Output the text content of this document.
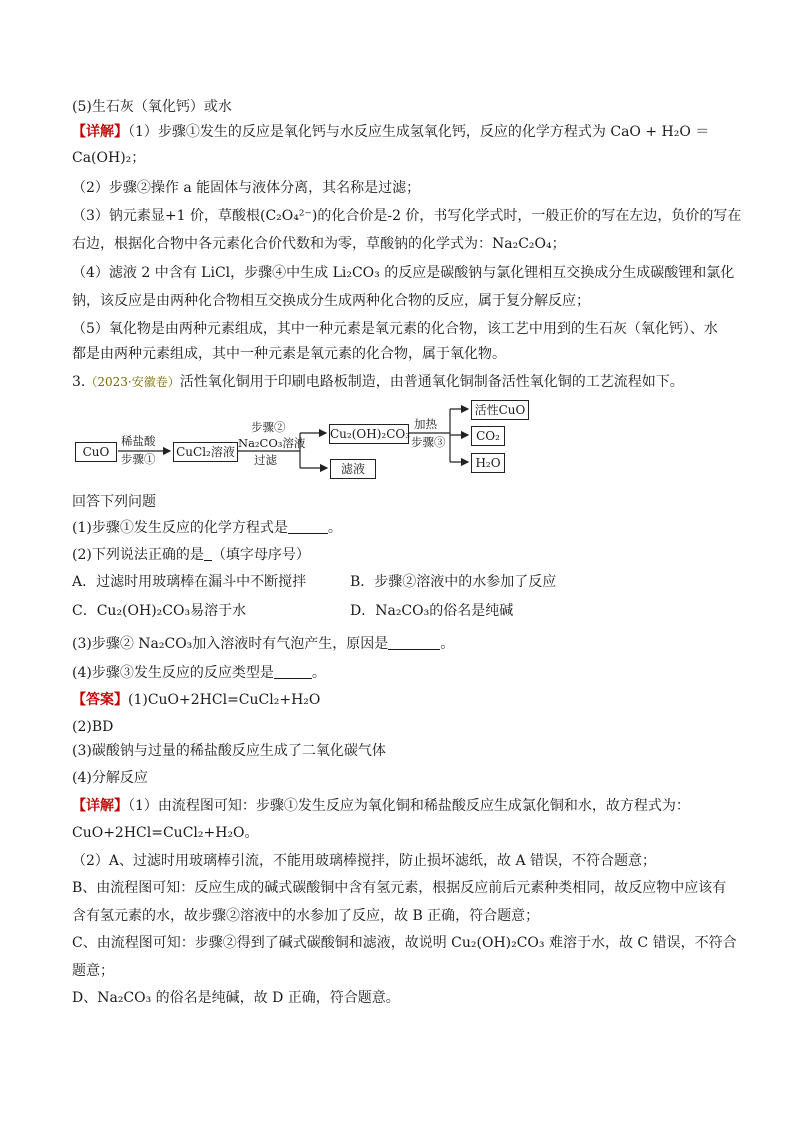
(5)生石灰（氧化钙）或水
【详解】（1）步骤①发生的反应是氧化钙与水反应生成氢氧化钙，反应的化学方程式为 CaO + H₂O ＝
Ca(OH)₂；
（2）步骤②操作 a 能固体与液体分离，其名称是过滤；
（3）钠元素显+1 价，草酸根(C₂O₄²⁻)的化合价是-2 价，书写化学式时，一般正价的写在左边，负价的写在
右边，根据化合物中各元素化合价代数和为零，草酸钠的化学式为：Na₂C₂O₄；
（4）滤液 2 中含有 LiCl，步骤④中生成 Li₂CO₃ 的反应是碳酸钠与氯化锂相互交换成分生成碳酸锂和氯化
钠，该反应是由两种化合物相互交换成分生成两种化合物的反应，属于复分解反应；
（5）氧化物是由两种元素组成，其中一种元素是氧元素的化合物，该工艺中用到的生石灰（氧化钙）、水
都是由两种元素组成，其中一种元素是氧元素的化合物，属于氧化物。
3.（2023·安徽卷）活性氧化铜用于印刷电路板制造，由普通氧化铜制备活性氧化铜的工艺流程如下。
CuO
稀盐酸
步骤① CuCl₂溶液
步骤②
Na₂CO₃溶液
过滤
Cu₂(OH)₂CO₃
滤液
加热
步骤③
活性CuO
CO₂
H₂O
回答下列问题
(1)步骤①发生反应的化学方程式是	。
(2)下列说法正确的是 （填字母序号）
A．过滤时用玻璃棒在漏斗中不断搅拌	B．步骤②溶液中的水参加了反应
C．Cu₂(OH)₂CO₃易溶于水	D．Na₂CO₃的俗名是纯碱
(3)步骤② Na₂CO₃加入溶液时有气泡产生，原因是	。
(4)步骤③发生反应的反应类型是	。
【答案】(1)CuO+2HCl=CuCl₂+H₂O
(2)BD
(3)碳酸钠与过量的稀盐酸反应生成了二氧化碳气体
(4)分解反应
【详解】（1）由流程图可知：步骤①发生反应为氧化铜和稀盐酸反应生成氯化铜和水，故方程式为：
CuO+2HCl=CuCl₂+H₂O。
（2）A、过滤时用玻璃棒引流，不能用玻璃棒搅拌，防止损坏滤纸，故 A 错误，不符合题意；
B、由流程图可知：反应生成的碱式碳酸铜中含有氢元素，根据反应前后元素种类相同，故反应物中应该有
含有氢元素的水，故步骤②溶液中的水参加了反应，故 B 正确，符合题意；
C、由流程图可知：步骤②得到了碱式碳酸铜和滤液，故说明 Cu₂(OH)₂CO₃ 难溶于水，故 C 错误，不符合
题意；
D、Na₂CO₃ 的俗名是纯碱，故 D 正确，符合题意。
